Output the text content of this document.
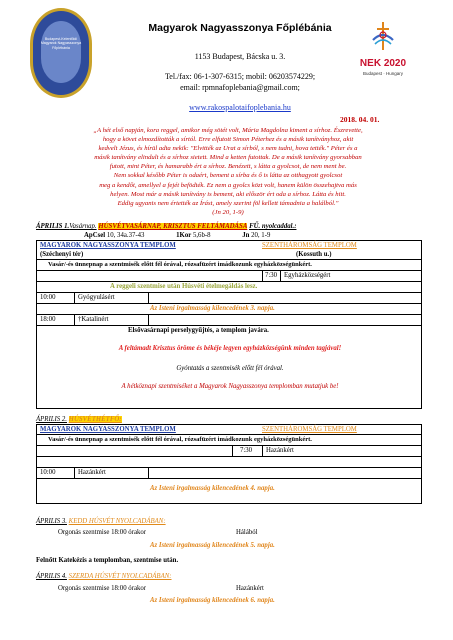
Budapest-Kelenföldi Magyarok Nagyasszonya Főplébánia
Magyarok Nagyasszonya Főplébánia
1153 Budapest, Bácska u. 3.
Tel./fax: 06-1-307-6315; mobil: 06203574229;
email: rpmnafoplebania@gmail.com;
www.rakospalotaifoplebania.hu
NEK 2020
Budapest · Hungary
2018. 04. 01.
„A hét első napján, kora reggel, amikor még sötét volt, Mária Magdolna kiment a sírhoz. Észrevette,
hogy a követ elmozdították a sírtól. Erre elfutott Simon Péterhez és a másik tanítványhoz, akit
kedvelt Jézus, és hírül adta nekik: "Elvitték az Urat a sírból, s nem tudni, hova tették." Péter és a
másik tanítvány elindult és a sírhoz sietett. Mind a ketten futottak. De a másik tanítvány gyorsabban
futott, mint Péter, és hamarabb ért a sírhoz. Benézett, s látta a gyolcsot, de nem ment be.
Nem sokkal később Péter is odaért, bement a sírba és ő is látta az otthagyott gyolcsot
meg a kendőt, amellyel a fejét befödték. Ez nem a gyolcs közt volt, hanem külön összehajtva más
helyen. Most már a másik tanítvány is bement, aki először ért oda a sírhoz. Látta és hitt.
Eddig ugyanis nem értették az Írást, amely szerint föl kellett támadnia a halálból."
(Jn 20, 1-9)
ÁPRILIS 1.Vasárnap. HÚSVÉTVASÁRNAP, KRISZTUS FELTÁMADÁSA FŰ. nyolcaddal.:
ApCsel 10, 34a.37-43	1Kor 5,6b-8	Jn 20, 1-9
MAGYAROK NAGYASSZONYA TEMPLOM
(Széchenyi tér)
SZENTHÁROMSÁG TEMPLOM
(Kossuth u.)
Vasár/-és ünnepnap a szentmisék előtt fél órával, rózsafüzért imádkozunk egyházközségünkért.
7:30 Egyházközségért
A reggeli szentmise után Húsvéti ételmegáldás lesz.
10:00	Gyógyulásért
Az Isteni irgalmasság kilencedének 3. napja.
18:00	†Katalinért
Elsővasárnapi perselygyűjtés, a templom javára.
A feltámadt Krisztus öröme és békéje legyen egyházközségünk minden tagjával!
Gyóntatás a szentmisék előtt fél órával.
A hétköznapi szentmiséket a Magyarok Nagyasszonya templomban mutatjuk be!
ÁPRILIS 2. HÚSVÉTHÉTFŐ:
MAGYAROK NAGYASSZONYA TEMPLOM	SZENTHÁROMSÁG TEMPLOM
Vasár/-és ünnepnap a szentmisék előtt fél órával, rózsafüzért imádkozunk egyházközségünkért.
7:30 Hazánkért
10:00	Hazánkért
Az Isteni irgalmasság kilencedének 4. napja.
ÁPRILIS 3. KEDD HÚSVÉT NYOLCADÁBAN:
Orgonás szentmise 18:00 órakor	Hálából
Az Isteni irgalmasság kilencedének 5. napja.
Felnőtt Katekézis a templomban, szentmise után.
ÁPRILIS 4. SZERDA HÚSVÉT NYOLCADÁBAN:
Orgonás szentmise 18:00 órakor	Hazánkért
Az Isteni irgalmasság kilencedének 6. napja.
